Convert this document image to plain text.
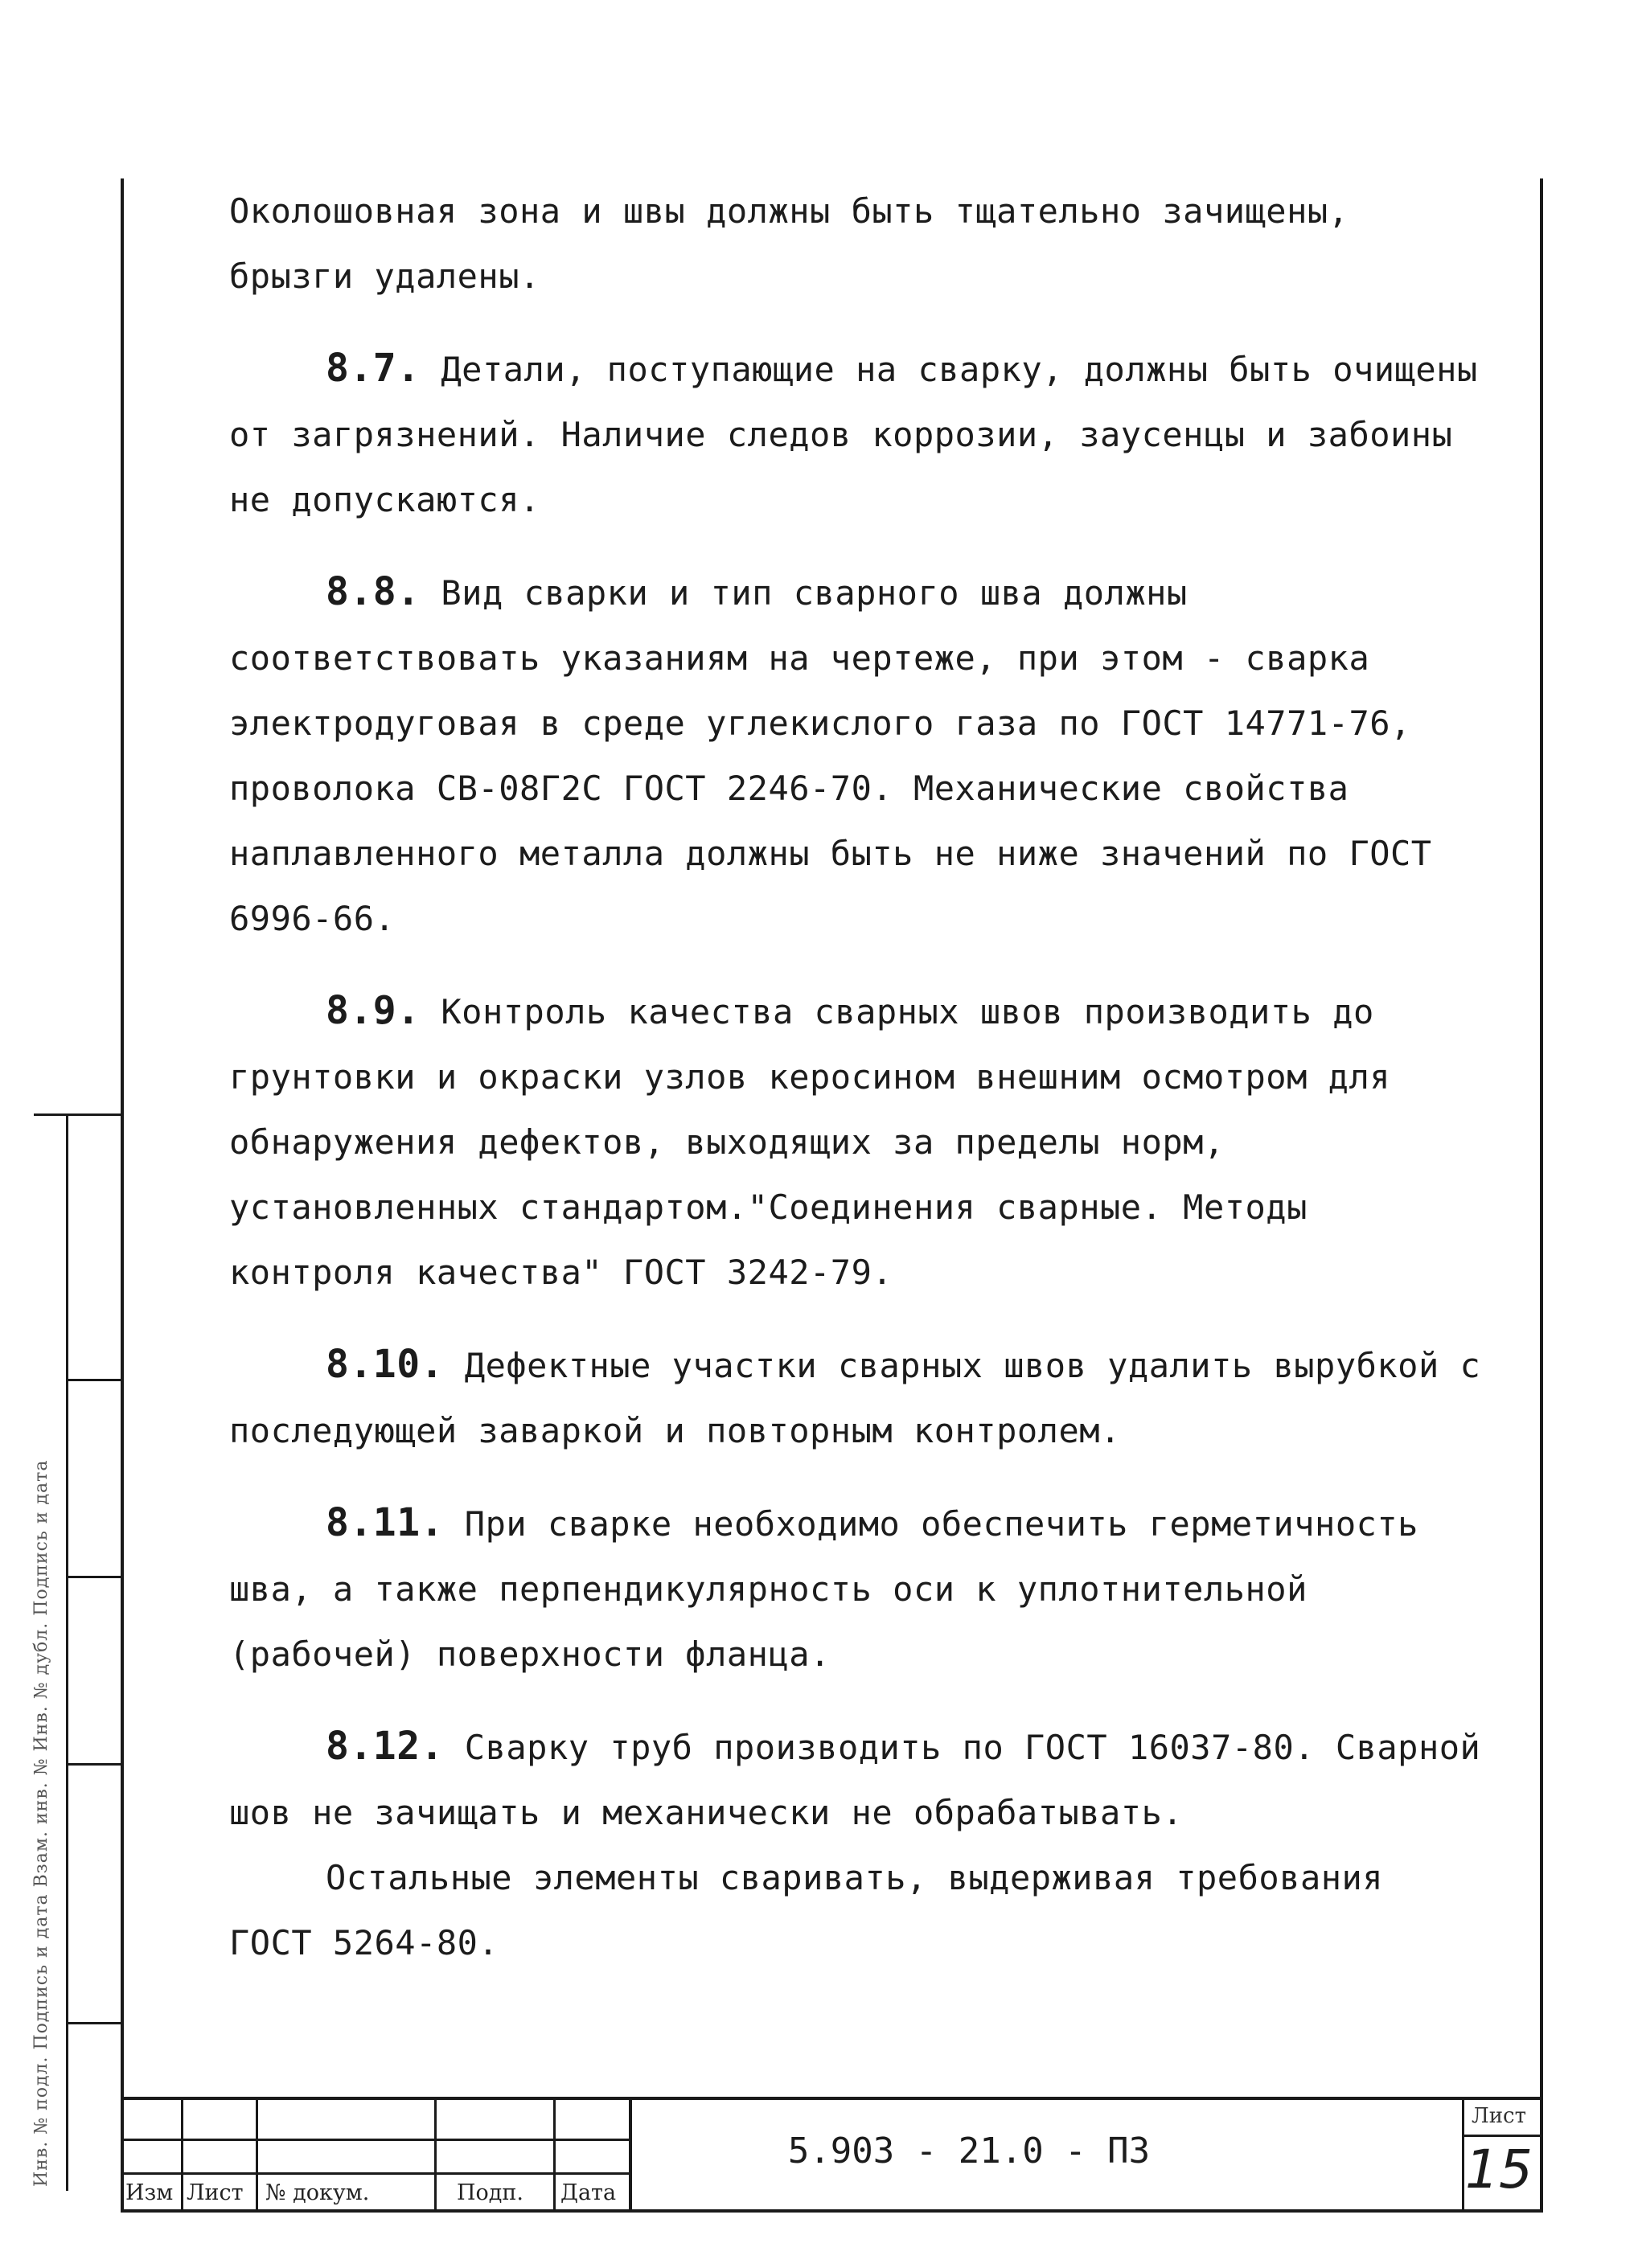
Околошовная зона и швы должны быть тщательно зачищены, брызги удалены.

8.7. Детали, поступающие на сварку, должны быть очищены от загрязнений. Наличие следов коррозии, заусенцы и забоины не допускаются.

8.8. Вид сварки и тип сварного шва должны соответствовать указаниям на чертеже, при этом - сварка электродуговая в среде углекислого газа по ГОСТ 14771-76, проволока СВ-08Г2С ГОСТ 2246-70. Механические свойства наплавленного металла должны быть не ниже значений по ГОСТ 6996-66.

8.9. Контроль качества сварных швов производить до грунтовки и окраски узлов керосином внешним осмотром для обнаружения дефектов, выходящих за пределы норм, установленных стандартом."Соединения сварные. Методы контроля качества" ГОСТ 3242-79.

8.10. Дефектные участки сварных швов удалить вырубкой с последующей заваркой и повторным контролем.

8.11. При сварке необходимо обеспечить герметичность шва, а также перпендикулярность оси к уплотнительной (рабочей) поверхности фланца.

8.12. Сварку труб производить по ГОСТ 16037-80. Сварной шов не зачищать и механически не обрабатывать.

Остальные элементы сваривать, выдерживая требования ГОСТ 5264-80.

Инв. № подл. Подпись и дата Взам. инв. № Инв. № дубл. Подпись и дата
Изм Лист № докум.	Подп. Дата
5.903 - 21.0 - ПЗ
Лист
15
